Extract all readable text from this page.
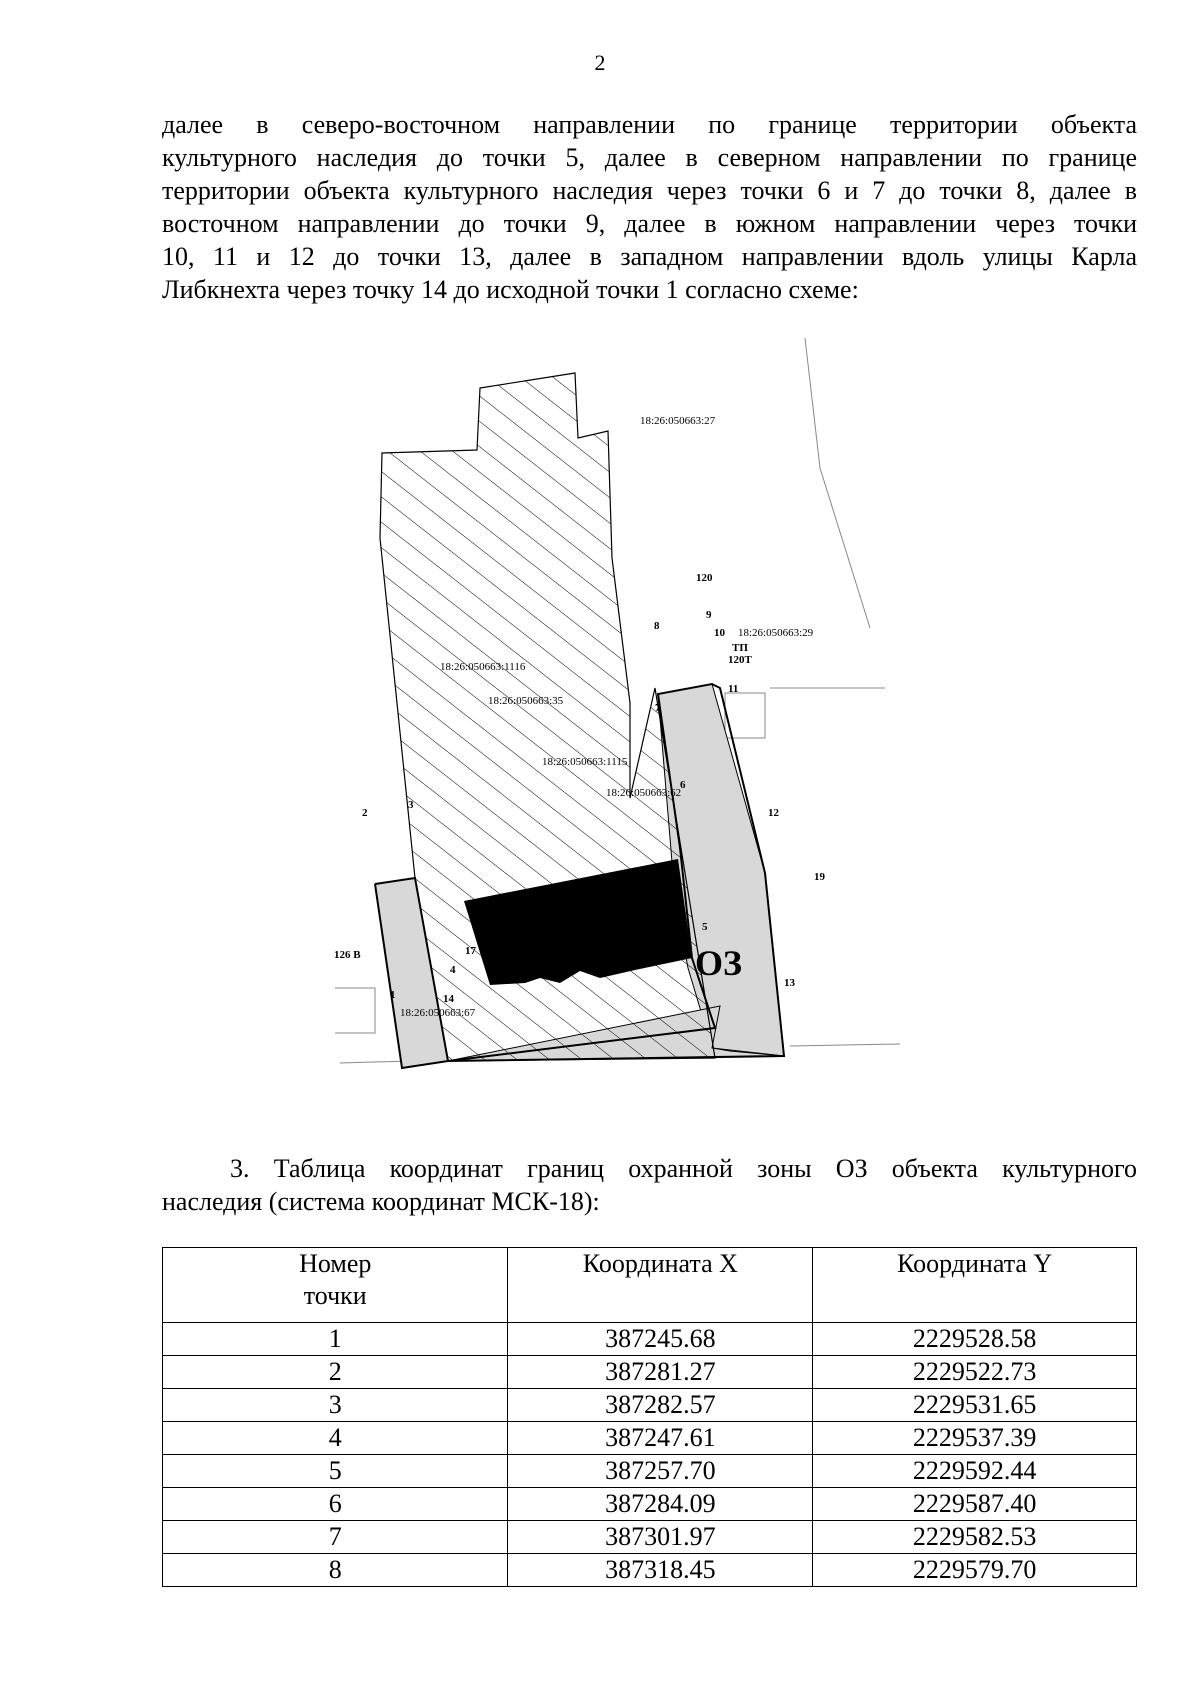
2
далее в северо-восточном направлении по границе территории объекта
культурного наследия до точки 5, далее в северном направлении по границе
территории объекта культурного наследия через точки 6 и 7 до точки 8, далее в
восточном направлении до точки 9, далее в южном направлении через точки
10, 11 и 12 до точки 13, далее в западном направлении вдоль улицы Карла
Либкнехта через точку 14 до исходной точки 1 согласно схеме:
18:26:050663:27
18:26:050663:1116
18:26:050663:35
18:26:050663:1115
18:26:050663:62
18:26:050663:29
18:26:050663:67
120
ТП
120Т
19
126 В	17	ОЗ
1
2
3
4
5
6
7
8
9
10
11
12
13
14
3. Таблица координат границ охранной зоны ОЗ объекта культурного
наследия (система координат МСК-18):
Номер точки	Координата X	Координата Y
1	387245.68	2229528.58
2	387281.27	2229522.73
3	387282.57	2229531.65
4	387247.61	2229537.39
5	387257.70	2229592.44
6	387284.09	2229587.40
7	387301.97	2229582.53
8	387318.45	2229579.70
